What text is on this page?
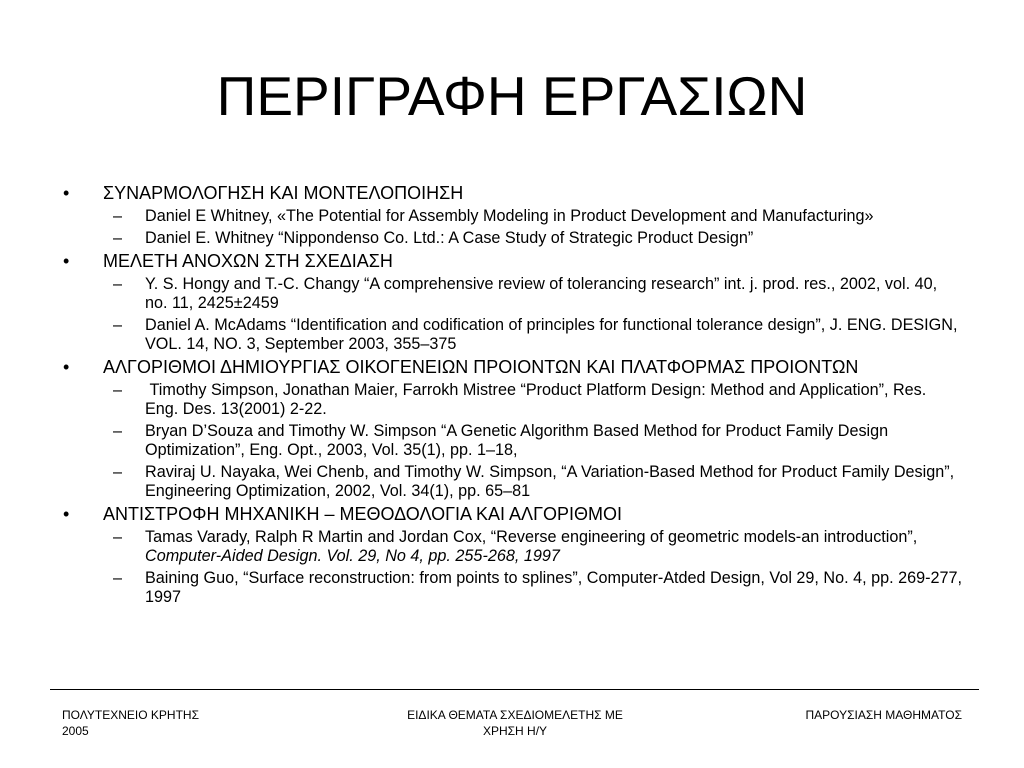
ΠΕΡΙΓΡΑΦΗ ΕΡΓΑΣΙΩΝ
• ΣΥΝΑΡΜΟΛΟΓΗΣΗ ΚΑΙ ΜΟΝΤΕΛΟΠΟΙΗΣΗ
– Daniel E Whitney, «The Potential for Assembly Modeling in Product Development and Manufacturing»
– Daniel E. Whitney “Nippondenso Co. Ltd.: A Case Study of Strategic Product Design”
• ΜΕΛΕΤΗ ΑΝΟΧΩΝ ΣΤΗ ΣΧΕΔΙΑΣΗ
– Y. S. Hongy and T.-C. Changy “A comprehensive review of tolerancing research” int. j. prod. res., 2002, vol. 40, no. 11, 2425±2459
– Daniel A. McAdams “Identification and codification of principles for functional tolerance design”, J. ENG. DESIGN, VOL. 14, NO. 3, September 2003, 355–375
• ΑΛΓΟΡΙΘΜΟΙ ΔΗΜΙΟΥΡΓΙΑΣ ΟΙΚΟΓΕΝΕΙΩΝ ΠΡΟΙΟΝΤΩΝ ΚΑΙ ΠΛΑΤΦΟΡΜΑΣ ΠΡΟΙΟΝΤΩΝ
– Timothy Simpson, Jonathan Maier, Farrokh Mistree “Product Platform Design: Method and Application”, Res. Eng. Des. 13(2001) 2-22.
– Bryan D’Souza and Timothy W. Simpson “A Genetic Algorithm Based Method for Product Family Design Optimization”, Eng. Opt., 2003, Vol. 35(1), pp. 1–18,
– Raviraj U. Nayaka, Wei Chenb, and Timothy W. Simpson, “A Variation-Based Method for Product Family Design”, Engineering Optimization, 2002, Vol. 34(1), pp. 65–81
• ΑΝΤΙΣΤΡΟΦΗ ΜΗΧΑΝΙΚΗ – ΜΕΘΟΔΟΛΟΓΙΑ ΚΑΙ ΑΛΓΟΡΙΘΜΟΙ
– Tamas Varady, Ralph R Martin and Jordan Cox, “Reverse engineering of geometric models-an introduction”, Computer-Aided Design. Vol. 29, No 4, pp. 255-268, 1997
– Baining Guo, “Surface reconstruction: from points to splines”, Computer-Atded Design, Vol 29, No. 4, pp. 269-277, 1997
ΠΟΛΥΤΕΧΝΕΙΟ ΚΡΗΤΗΣ
2005
ΕΙΔΙΚΑ ΘΕΜΑΤΑ ΣΧΕΔΙΟΜΕΛΕΤΗΣ ΜΕ
ΧΡΗΣΗ Η/Υ
ΠΑΡΟΥΣΙΑΣΗ ΜΑΘΗΜΑΤΟΣ
